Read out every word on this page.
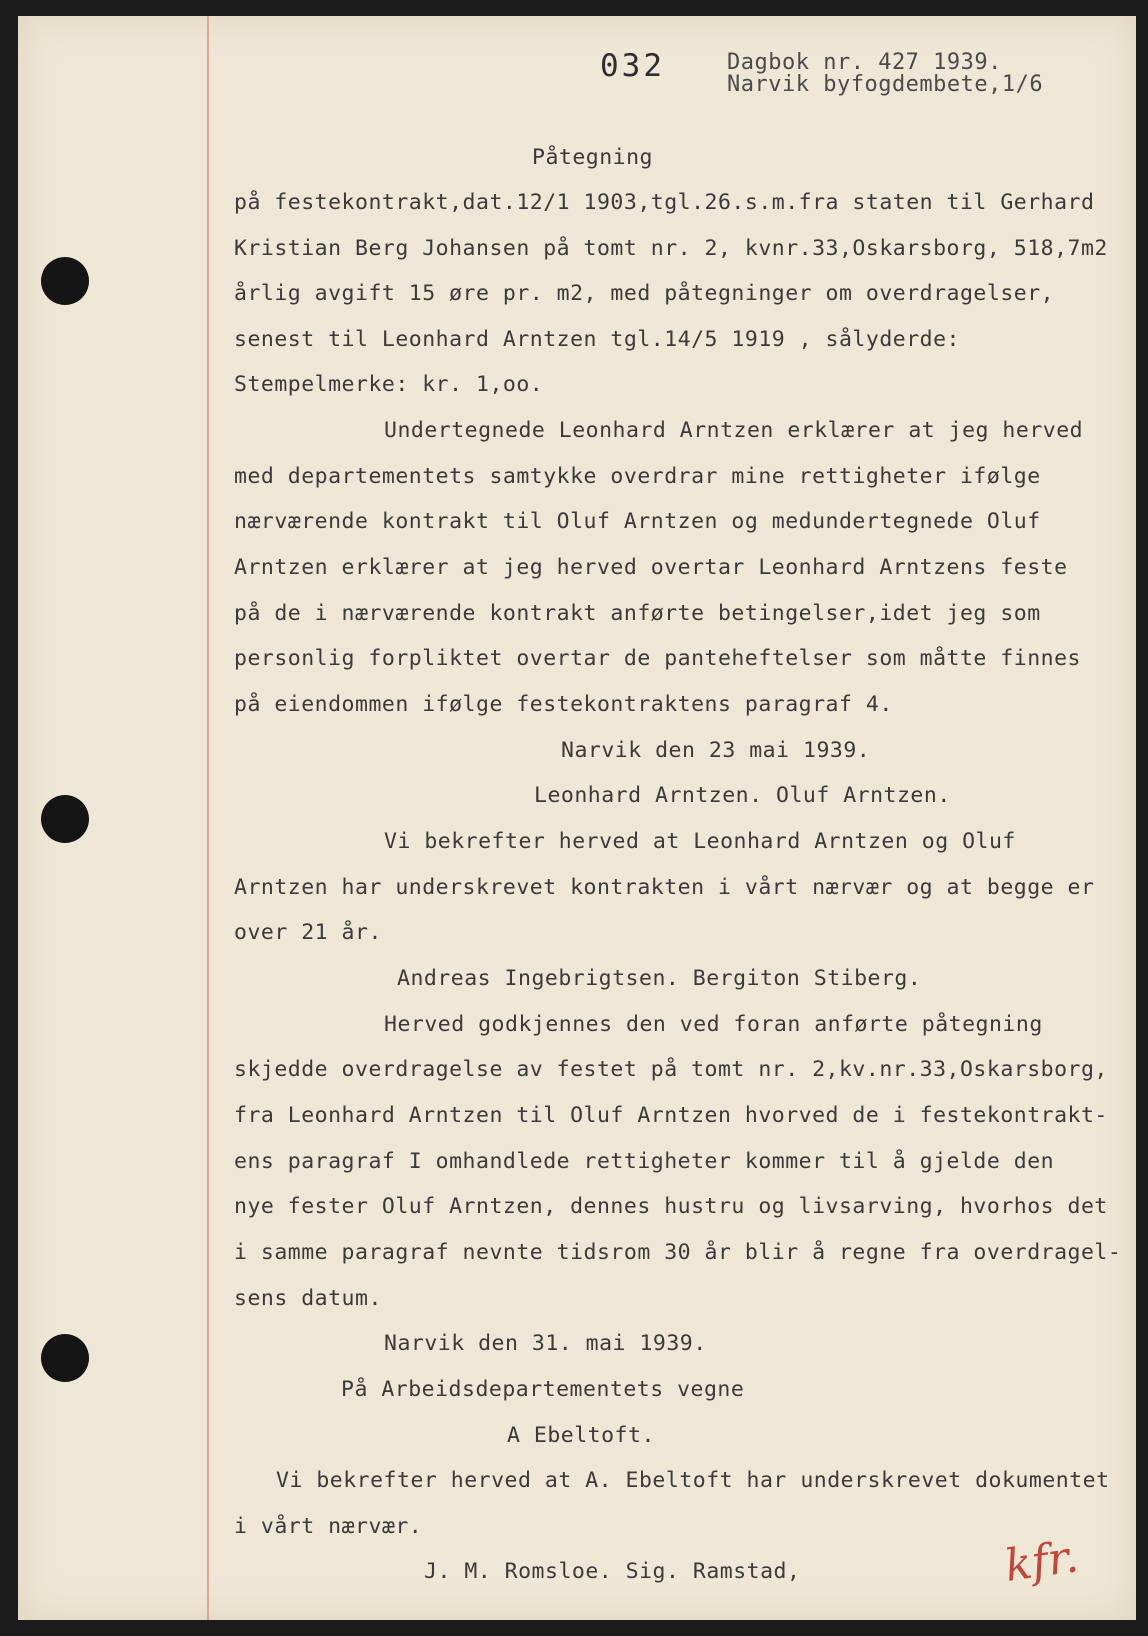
032	Dagbok nr. 427 1939.

Narvik byfogdembete,1/6

Påtegning

på festekontrakt,dat.12/1 1903,tgl.26.s.m.fra staten til Gerhard

Kristian Berg Johansen på tomt nr. 2, kvnr.33,Oskarsborg, 518,7m2

årlig avgift 15 øre pr. m2, med påtegninger om overdragelser,

senest til Leonhard Arntzen tgl.14/5 1919 , sålyderde:

Stempelmerke: kr. 1,oo.

Undertegnede Leonhard Arntzen erklærer at jeg herved

med departementets samtykke overdrar mine rettigheter ifølge

nærværende kontrakt til Oluf Arntzen og medundertegnede Oluf

Arntzen erklærer at jeg herved overtar Leonhard Arntzens feste

på de i nærværende kontrakt anførte betingelser,idet jeg som

personlig forpliktet overtar de panteheftelser som måtte finnes

på eiendommen ifølge festekontraktens paragraf 4.

Narvik den 23 mai 1939.

Leonhard Arntzen. Oluf Arntzen.

Vi bekrefter herved at Leonhard Arntzen og Oluf

Arntzen har underskrevet kontrakten i vårt nærvær og at begge er

over 21 år.

Andreas Ingebrigtsen. Bergiton Stiberg.

Herved godkjennes den ved foran anførte påtegning

skjedde overdragelse av festet på tomt nr. 2,kv.nr.33,Oskarsborg,

fra Leonhard Arntzen til Oluf Arntzen hvorved de i festekontrakt-

ens paragraf I omhandlede rettigheter kommer til å gjelde den

nye fester Oluf Arntzen, dennes hustru og livsarving, hvorhos det

i samme paragraf nevnte tidsrom 30 år blir å regne fra overdragel-

sens datum.

Narvik den 31. mai 1939.

På Arbeidsdepartementets vegne

A Ebeltoft.

Vi bekrefter herved at A. Ebeltoft har underskrevet dokumentet

i vårt nærvær.

J. M. Romsloe. Sig. Ramstad,	kfr.
